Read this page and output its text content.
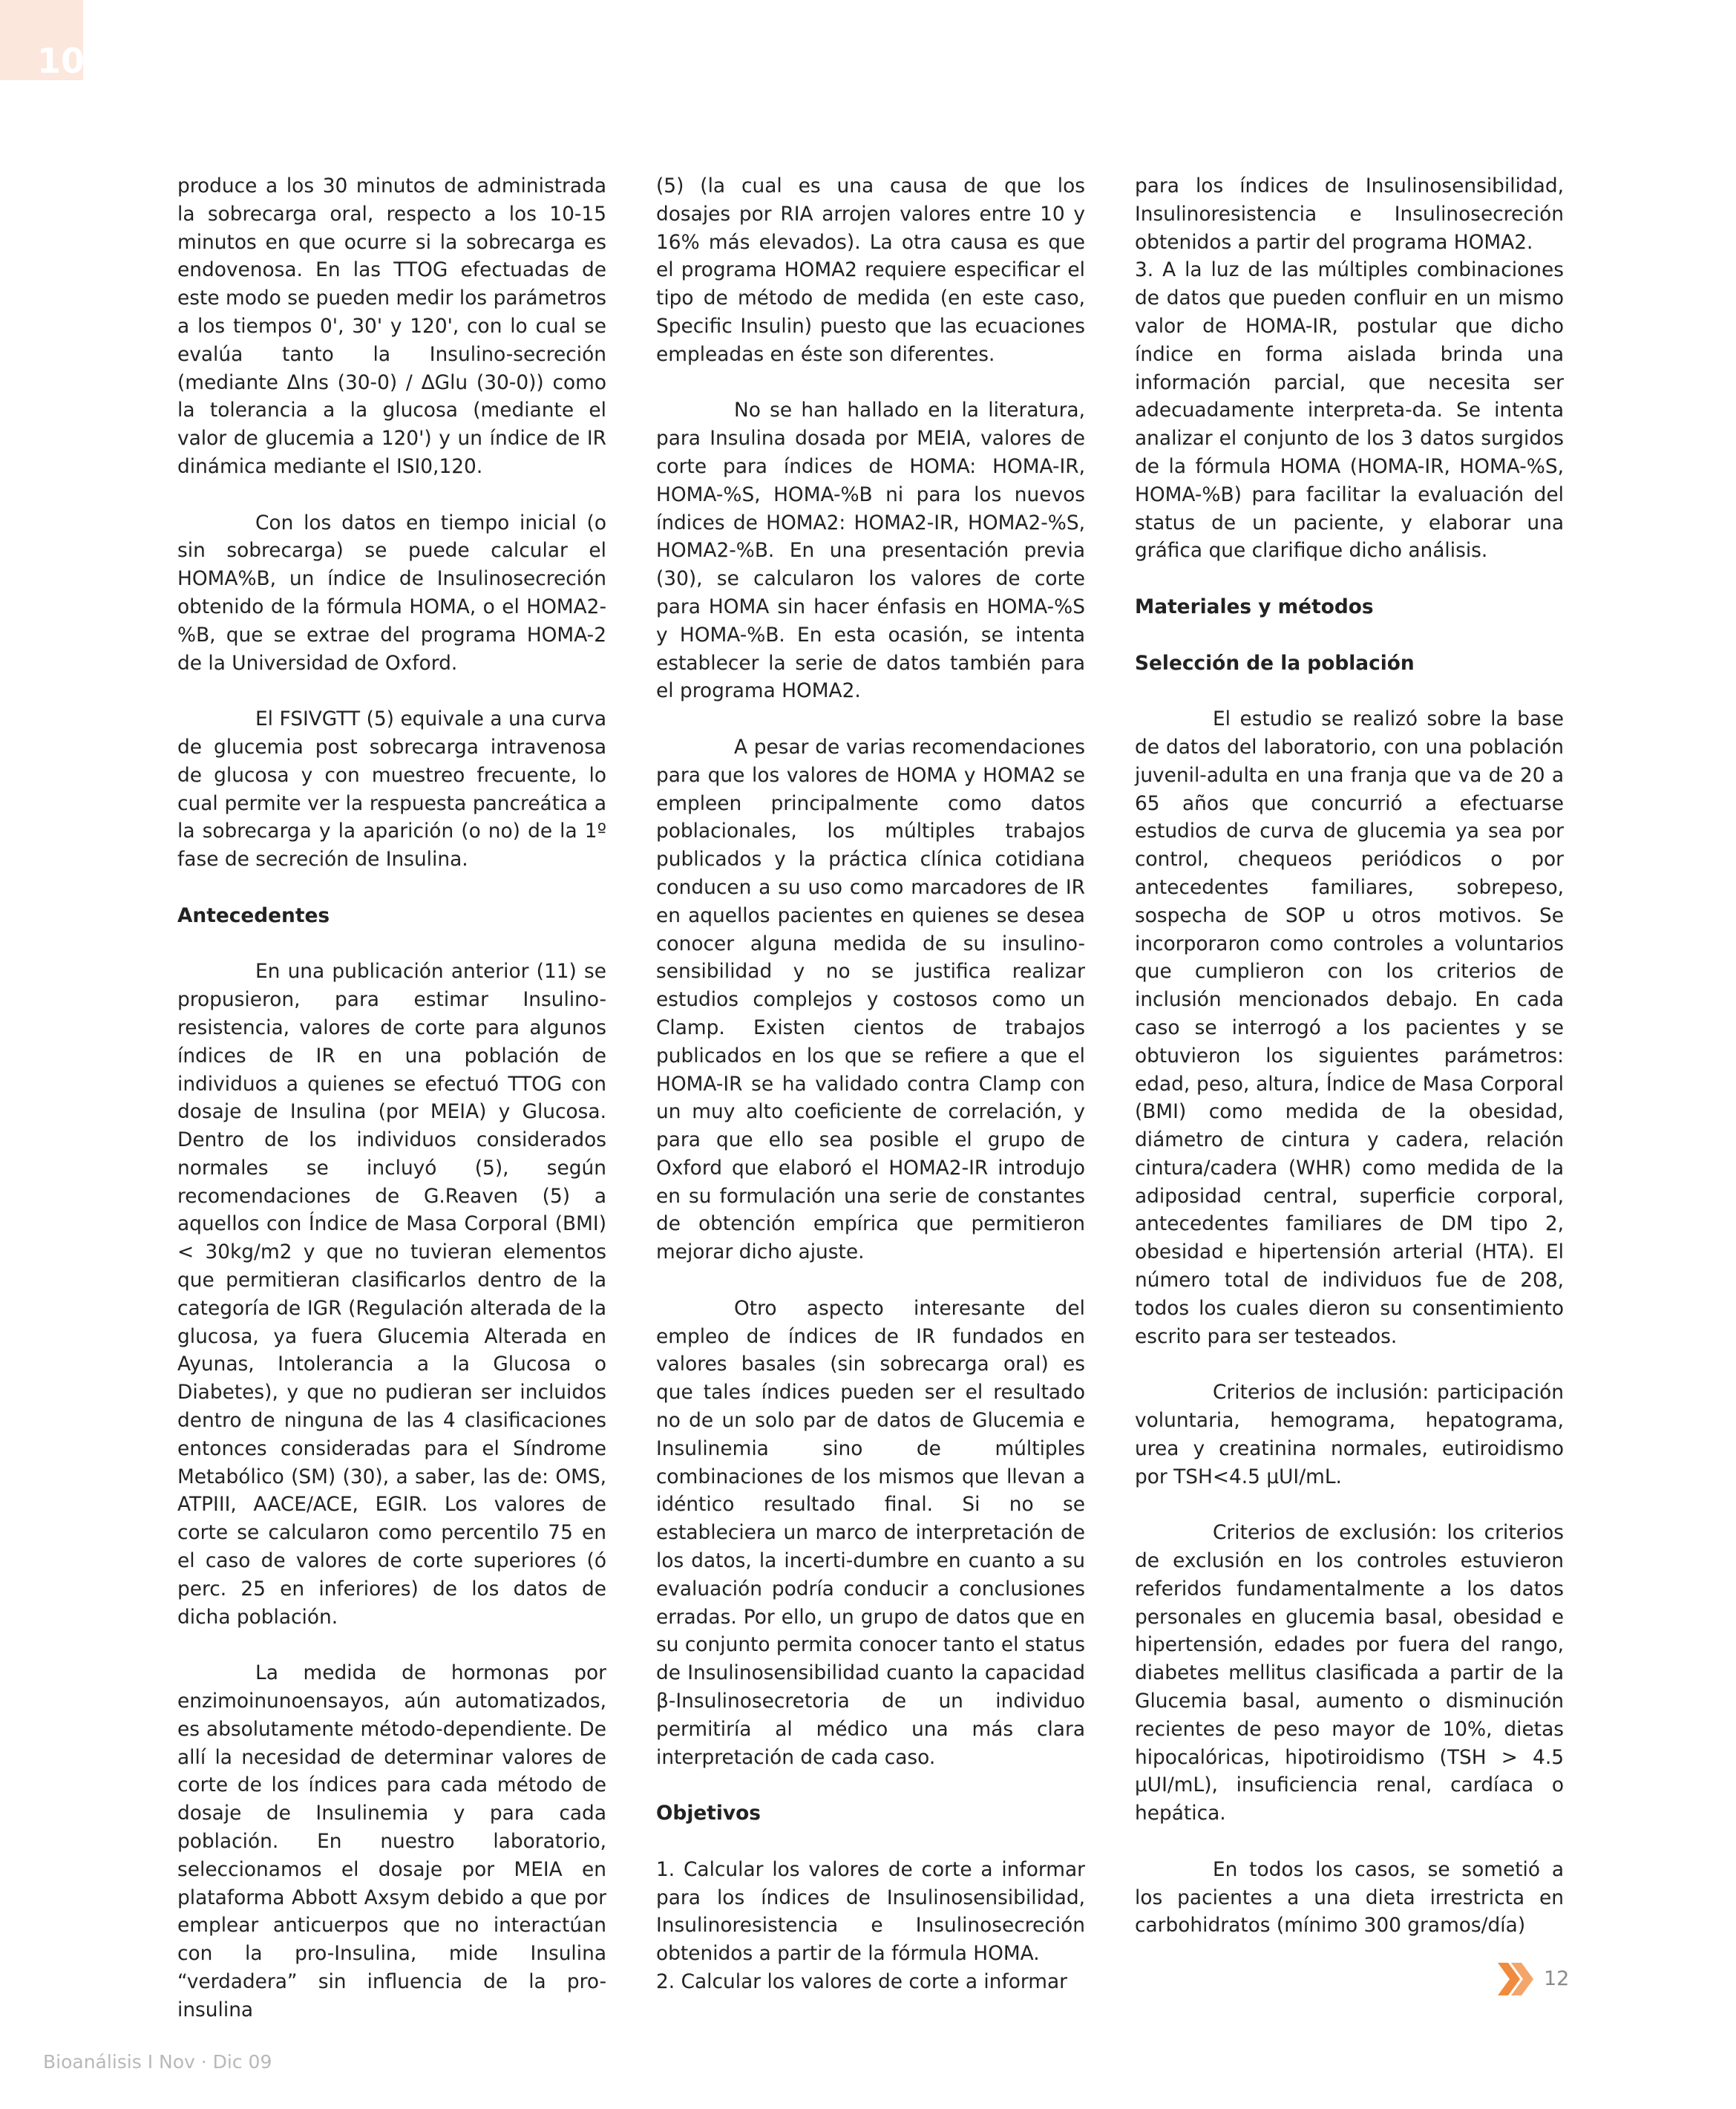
10

produce a los 30 minutos de administrada la sobrecarga oral, respecto a los 10-15 minutos en que ocurre si la sobrecarga es endovenosa. En las TTOG efectuadas de este modo se pueden medir los parámetros a los tiempos 0', 30' y 120', con lo cual se evalúa tanto la Insulino-secreción (mediante ΔIns (30-0) / ΔGlu (30-0)) como la tolerancia a la glucosa (mediante el valor de glucemia a 120') y un índice de IR dinámica mediante el ISI0,120.

Con los datos en tiempo inicial (o sin sobrecarga) se puede calcular el HOMA%B, un índice de Insulinosecreción obtenido de la fórmula HOMA, o el HOMA2-%B, que se extrae del programa HOMA-2 de la Universidad de Oxford.

El FSIVGTT (5) equivale a una curva de glucemia post sobrecarga intravenosa de glucosa y con muestreo frecuente, lo cual permite ver la respuesta pancreática a la sobrecarga y la aparición (o no) de la 1º fase de secreción de Insulina.

Antecedentes

En una publicación anterior (11) se propusieron, para estimar Insulino-resistencia, valores de corte para algunos índices de IR en una población de individuos a quienes se efectuó TTOG con dosaje de Insulina (por MEIA) y Glucosa. Dentro de los individuos considerados normales se incluyó (5), según recomendaciones de G.Reaven (5) a aquellos con Índice de Masa Corporal (BMI) < 30kg/m2 y que no tuvieran elementos que permitieran clasificarlos dentro de la categoría de IGR (Regulación alterada de la glucosa, ya fuera Glucemia Alterada en Ayunas, Intolerancia a la Glucosa o Diabetes), y que no pudieran ser incluidos dentro de ninguna de las 4 clasificaciones entonces consideradas para el Síndrome Metabólico (SM) (30), a saber, las de: OMS, ATPIII, AACE/ACE, EGIR. Los valores de corte se calcularon como percentilo 75 en el caso de valores de corte superiores (ó perc. 25 en inferiores) de los datos de dicha población.

La medida de hormonas por enzimoinunoensayos, aún automatizados, es absolutamente método-dependiente. De allí la necesidad de determinar valores de corte de los índices para cada método de dosaje de Insulinemia y para cada población. En nuestro laboratorio, seleccionamos el dosaje por MEIA en plataforma Abbott Axsym debido a que por emplear anticuerpos que no interactúan con la pro-Insulina, mide Insulina “verdadera” sin influencia de la pro-insulina

(5) (la cual es una causa de que los dosajes por RIA arrojen valores entre 10 y 16% más elevados). La otra causa es que el programa HOMA2 requiere especificar el tipo de método de medida (en este caso, Specific Insulin) puesto que las ecuaciones empleadas en éste son diferentes.

No se han hallado en la literatura, para Insulina dosada por MEIA, valores de corte para índices de HOMA: HOMA-IR, HOMA-%S, HOMA-%B ni para los nuevos índices de HOMA2: HOMA2-IR, HOMA2-%S, HOMA2-%B. En una presentación previa (30), se calcularon los valores de corte para HOMA sin hacer énfasis en HOMA-%S y HOMA-%B. En esta ocasión, se intenta establecer la serie de datos también para el programa HOMA2.

A pesar de varias recomendaciones para que los valores de HOMA y HOMA2 se empleen principalmente como datos poblacionales, los múltiples trabajos publicados y la práctica clínica cotidiana conducen a su uso como marcadores de IR en aquellos pacientes en quienes se desea conocer alguna medida de su insulino-sensibilidad y no se justifica realizar estudios complejos y costosos como un Clamp. Existen cientos de trabajos publicados en los que se refiere a que el HOMA-IR se ha validado contra Clamp con un muy alto coeficiente de correlación, y para que ello sea posible el grupo de Oxford que elaboró el HOMA2-IR introdujo en su formulación una serie de constantes de obtención empírica que permitieron mejorar dicho ajuste.

Otro aspecto interesante del empleo de índices de IR fundados en valores basales (sin sobrecarga oral) es que tales índices pueden ser el resultado no de un solo par de datos de Glucemia e Insulinemia sino de múltiples combinaciones de los mismos que llevan a idéntico resultado final. Si no se estableciera un marco de interpretación de los datos, la incerti-dumbre en cuanto a su evaluación podría conducir a conclusiones erradas. Por ello, un grupo de datos que en su conjunto permita conocer tanto el status de Insulinosensibilidad cuanto la capacidad β-Insulinosecretoria de un individuo permitiría al médico una más clara interpretación de cada caso.

Objetivos

1. Calcular los valores de corte a informar para los índices de Insulinosensibilidad, Insulinoresistencia e Insulinosecreción obtenidos a partir de la fórmula HOMA.

2. Calcular los valores de corte a informar

para los índices de Insulinosensibilidad, Insulinoresistencia e Insulinosecreción obtenidos a partir del programa HOMA2.

3. A la luz de las múltiples combinaciones de datos que pueden confluir en un mismo valor de HOMA-IR, postular que dicho índice en forma aislada brinda una información parcial, que necesita ser adecuadamente interpreta-da. Se intenta analizar el conjunto de los 3 datos surgidos de la fórmula HOMA (HOMA-IR, HOMA-%S, HOMA-%B) para facilitar la evaluación del status de un paciente, y elaborar una gráfica que clarifique dicho análisis.

Materiales y métodos
Selección de la población

El estudio se realizó sobre la base de datos del laboratorio, con una población juvenil-adulta en una franja que va de 20 a 65 años que concurrió a efectuarse estudios de curva de glucemia ya sea por control, chequeos periódicos o por antecedentes familiares, sobrepeso, sospecha de SOP u otros motivos. Se incorporaron como controles a voluntarios que cumplieron con los criterios de inclusión mencionados debajo. En cada caso se interrogó a los pacientes y se obtuvieron los siguientes parámetros: edad, peso, altura, Índice de Masa Corporal (BMI) como medida de la obesidad, diámetro de cintura y cadera, relación cintura/cadera (WHR) como medida de la adiposidad central, superficie corporal, antecedentes familiares de DM tipo 2, obesidad e hipertensión arterial (HTA). El número total de individuos fue de 208, todos los cuales dieron su consentimiento escrito para ser testeados.

Criterios de inclusión: participación voluntaria, hemograma, hepatograma, urea y creatinina normales, eutiroidismo por TSH<4.5 µUI/mL.

Criterios de exclusión: los criterios de exclusión en los controles estuvieron referidos fundamentalmente a los datos personales en glucemia basal, obesidad e hipertensión, edades por fuera del rango, diabetes mellitus clasificada a partir de la Glucemia basal, aumento o disminución recientes de peso mayor de 10%, dietas hipocalóricas, hipotiroidismo (TSH > 4.5 µUI/mL), insuficiencia renal, cardíaca o hepática.

En todos los casos, se sometió a los pacientes a una dieta irrestricta en carbohidratos (mínimo 300 gramos/día)

12
Bioanálisis I Nov · Dic 09
